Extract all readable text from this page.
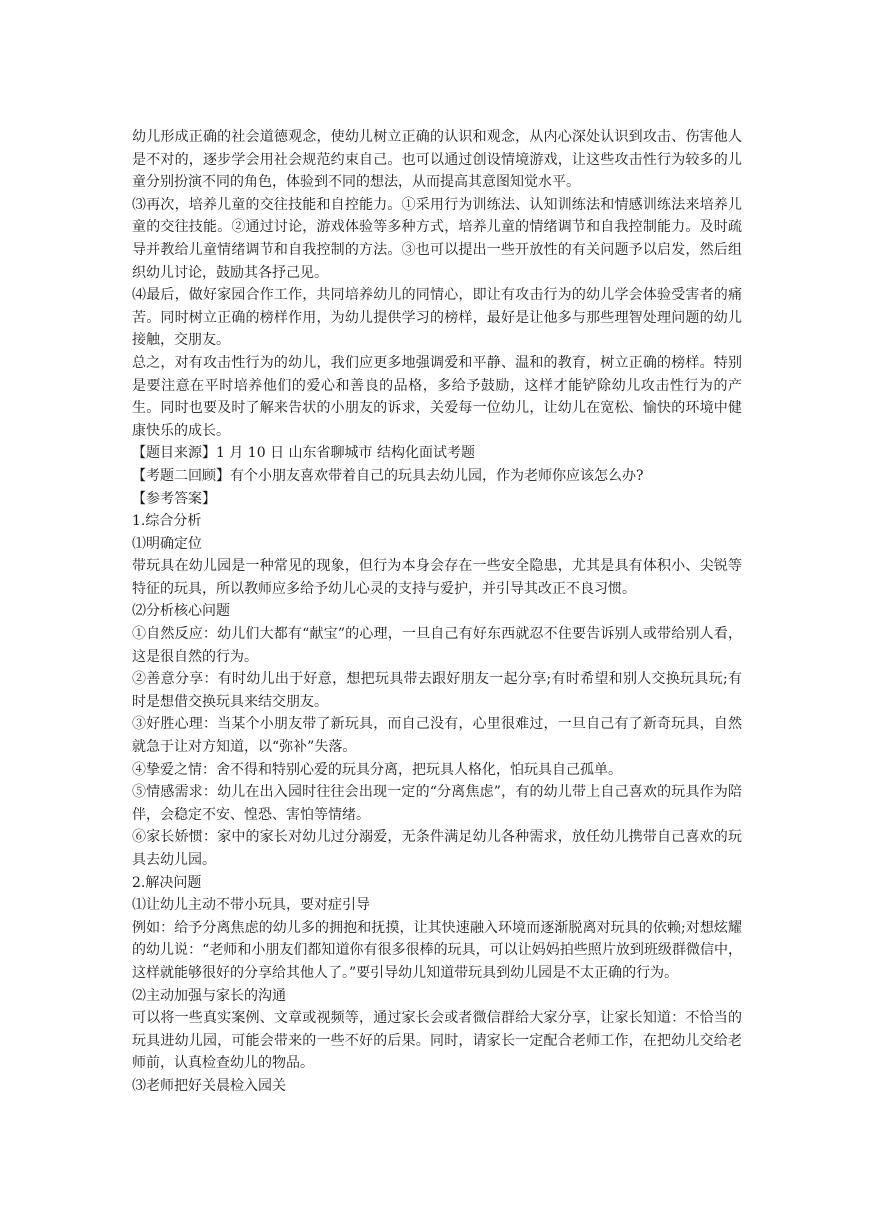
幼儿形成正确的社会道德观念，使幼儿树立正确的认识和观念，从内心深处认识到攻击、伤害他人是不对的，逐步学会用社会规范约束自己。也可以通过创设情境游戏，让这些攻击性行为较多的儿童分别扮演不同的角色，体验到不同的想法，从而提高其意图知觉水平。

⑶再次，培养儿童的交往技能和自控能力。①采用行为训练法、认知训练法和情感训练法来培养儿童的交往技能。②通过讨论，游戏体验等多种方式，培养儿童的情绪调节和自我控制能力。及时疏导并教给儿童情绪调节和自我控制的方法。③也可以提出一些开放性的有关问题予以启发，然后组织幼儿讨论，鼓励其各抒己见。

⑷最后，做好家园合作工作，共同培养幼儿的同情心，即让有攻击行为的幼儿学会体验受害者的痛苦。同时树立正确的榜样作用，为幼儿提供学习的榜样，最好是让他多与那些理智处理问题的幼儿接触，交朋友。

总之，对有攻击性行为的幼儿，我们应更多地强调爱和平静、温和的教育，树立正确的榜样。特别是要注意在平时培养他们的爱心和善良的品格，多给予鼓励，这样才能铲除幼儿攻击性行为的产生。同时也要及时了解来告状的小朋友的诉求，关爱每一位幼儿，让幼儿在宽松、愉快的环境中健康快乐的成长。

【题目来源】1 月 10 日 山东省聊城市 结构化面试考题

【考题二回顾】有个小朋友喜欢带着自己的玩具去幼儿园，作为老师你应该怎么办?

【参考答案】

1.综合分析

⑴明确定位

带玩具在幼儿园是一种常见的现象，但行为本身会存在一些安全隐患，尤其是具有体积小、尖锐等特征的玩具，所以教师应多给予幼儿心灵的支持与爱护，并引导其改正不良习惯。

⑵分析核心问题

①自然反应：幼儿们大都有“献宝”的心理，一旦自己有好东西就忍不住要告诉别人或带给别人看，这是很自然的行为。

②善意分享：有时幼儿出于好意，想把玩具带去跟好朋友一起分享;有时希望和别人交换玩具玩;有时是想借交换玩具来结交朋友。

③好胜心理：当某个小朋友带了新玩具，而自己没有，心里很难过，一旦自己有了新奇玩具，自然就急于让对方知道，以“弥补”失落。

④挚爱之情：舍不得和特别心爱的玩具分离，把玩具人格化，怕玩具自己孤单。

⑤情感需求：幼儿在出入园时往往会出现一定的“分离焦虑”，有的幼儿带上自己喜欢的玩具作为陪伴，会稳定不安、惶恐、害怕等情绪。

⑥家长娇惯：家中的家长对幼儿过分溺爱，无条件满足幼儿各种需求，放任幼儿携带自己喜欢的玩具去幼儿园。

2.解决问题

⑴让幼儿主动不带小玩具，要对症引导

例如：给予分离焦虑的幼儿多的拥抱和抚摸，让其快速融入环境而逐渐脱离对玩具的依赖;对想炫耀的幼儿说：“老师和小朋友们都知道你有很多很棒的玩具，可以让妈妈拍些照片放到班级群微信中，这样就能够很好的分享给其他人了。”要引导幼儿知道带玩具到幼儿园是不太正确的行为。

⑵主动加强与家长的沟通

可以将一些真实案例、文章或视频等，通过家长会或者微信群给大家分享，让家长知道：不恰当的玩具进幼儿园，可能会带来的一些不好的后果。同时，请家长一定配合老师工作，在把幼儿交给老师前，认真检查幼儿的物品。

⑶老师把好关晨检入园关
